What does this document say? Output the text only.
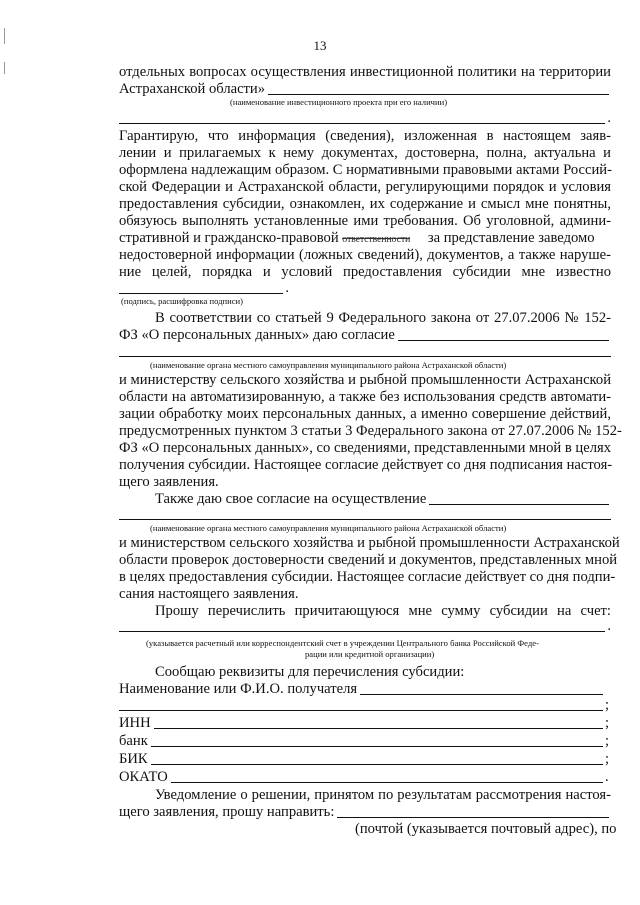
13
отдельных вопросах осуществления инвестиционной политики на территории
Астраханской области»
(наименование инвестиционного проекта при его наличии)
.
Гарантирую, что информация (сведения), изложенная в настоящем заяв-
лении и прилагаемых к нему документах, достоверна, полна, актуальна и
оформлена надлежащим образом. С нормативными правовыми актами Россий-
ской Федерации и Астраханской области, регулирующими порядок и условия
предоставления субсидии, ознакомлен, их содержание и смысл мне понятны,
обязуюсь выполнять установленные ими требования. Об уголовной, админи-
стративной и гражданско-правовой ответственности за представление заведомо
недостоверной информации (ложных сведений), документов, а также наруше-
ние целей, порядка и условий предоставления субсидии мне известно
.
(подпись, расшифровка подписи)
В соответствии со статьей 9 Федерального закона от 27.07.2006 № 152-
ФЗ «О персональных данных» даю согласие
(наименование органа местного самоуправления муниципального района Астраханской области)
и министерству сельского хозяйства и рыбной промышленности Астраханской
области на автоматизированную, а также без использования средств автомати-
зации обработку моих персональных данных, а именно совершение действий,
предусмотренных пунктом 3 статьи 3 Федерального закона от 27.07.2006 № 152-
ФЗ «О персональных данных», со сведениями, представленными мной в целях
получения субсидии. Настоящее согласие действует со дня подписания настоя-
щего заявления.
Также даю свое согласие на осуществление
(наименование органа местного самоуправления муниципального района Астраханской области)
и министерством сельского хозяйства и рыбной промышленности Астраханской
области проверок достоверности сведений и документов, представленных мной
в целях предоставления субсидии. Настоящее согласие действует со дня подпи-
сания настоящего заявления.
Прошу перечислить причитающуюся мне сумму субсидии на счет:
.
(указывается расчетный или корреспондентский счет в учреждении Центрального банка Российской Феде-
рации или кредитной организации)
Сообщаю реквизиты для перечисления субсидии:
Наименование или Ф.И.О. получателя
;
ИНН	;
банк	;
БИК	;
ОКАТО	.
Уведомление о решении, принятом по результатам рассмотрения настоя-
щего заявления, прошу направить:
(почтой (указывается почтовый адрес), по
